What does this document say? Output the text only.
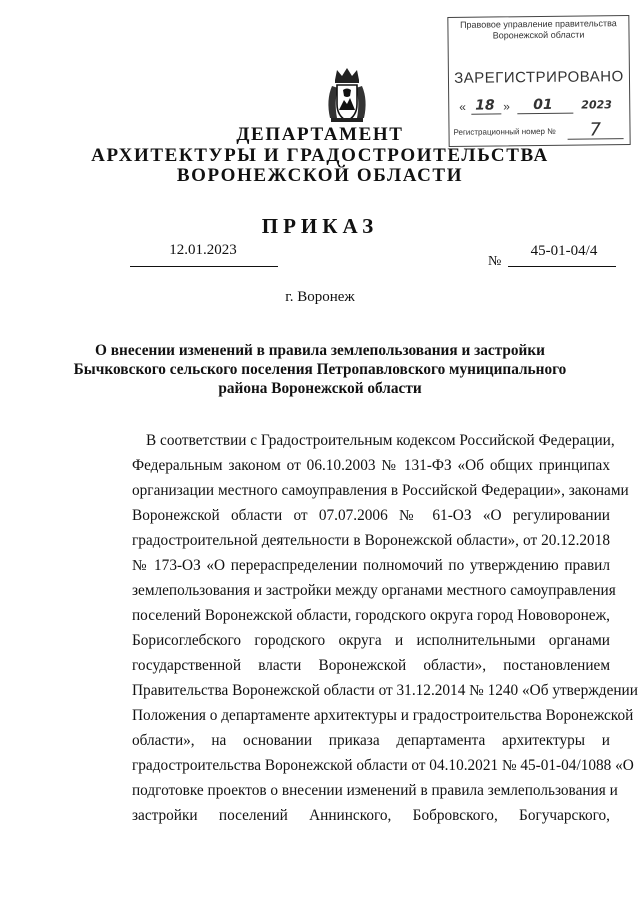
Правовое управление правительства
Воронежской области
ЗАРЕГИСТРИРОВАНО
« 18 » 01	2023
Регистрационный номер № 7
ДЕПАРТАМЕНТ
АРХИТЕКТУРЫ И ГРАДОСТРОИТЕЛЬСТВА
ВОРОНЕЖСКОЙ ОБЛАСТИ
ПРИКАЗ
12.01.2023
№
45-01-04/4
г. Воронеж
О внесении изменений в правила землепользования и застройки
Бычковского сельского поселения Петропавловского муниципального
района Воронежской области
В соответствии с Градостроительным кодексом Российской Федерации,
Федеральным законом от 06.10.2003 № 131-ФЗ «Об общих принципах
организации местного самоуправления в Российской Федерации», законами
Воронежской области от 07.07.2006 № 61-ОЗ «О регулировании
градостроительной деятельности в Воронежской области», от 20.12.2018
№ 173-ОЗ «О перераспределении полномочий по утверждению правил
землепользования и застройки между органами местного самоуправления
поселений Воронежской области, городского округа город Нововоронеж,
Борисоглебского городского округа и исполнительными органами
государственной власти Воронежской области», постановлением
Правительства Воронежской области от 31.12.2014 № 1240 «Об утверждении
Положения о департаменте архитектуры и градостроительства Воронежской
области», на основании приказа департамента архитектуры и
градостроительства Воронежской области от 04.10.2021 № 45-01-04/1088 «О
подготовке проектов о внесении изменений в правила землепользования и
застройки поселений Аннинского, Бобровского, Богучарского,
